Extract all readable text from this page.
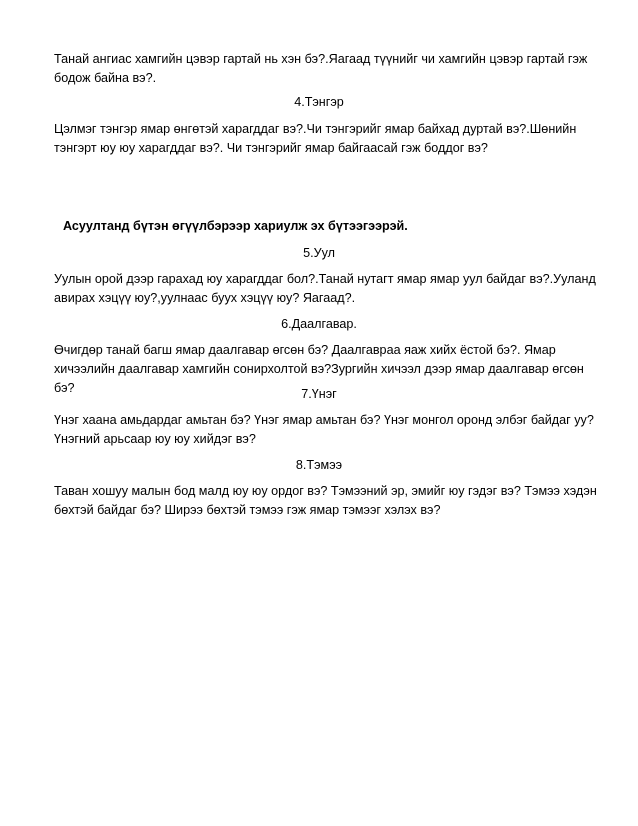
Танай ангиас хамгийн цэвэр гартай нь хэн бэ?.Яагаад түүнийг чи хамгийн цэвэр гартай гэж
бодож байна вэ?.

4.Тэнгэр

Цэлмэг тэнгэр ямар өнгөтэй харагддаг вэ?.Чи тэнгэрийг ямар байхад дуртай вэ?.Шөнийн
тэнгэрт юу юу харагддаг вэ?. Чи тэнгэрийг ямар байгаасай гэж боддог вэ?

Асуултанд бүтэн өгүүлбэрээр хариулж эх бүтээгээрэй.

5.Уул

Уулын орой дээр гарахад юу харагддаг бол?.Танай нутагт ямар ямар уул байдаг вэ?.Ууланд
авирах хэцүү юу?,уулнаас буух хэцүү юу? Яагаад?.

6.Даалгавар.

Өчигдөр танай багш ямар даалгавар өгсөн бэ? Даалгавраа яаж хийх ёстой бэ?. Ямар
хичээлийн даалгавар хамгийн сонирхолтой вэ?Зургийн хичээл дээр ямар даалгавар өгсөн бэ?	7.Үнэг

Үнэг хаана амьдардаг амьтан бэ? Үнэг ямар амьтан бэ? Үнэг монгол оронд элбэг байдаг уу?
Үнэгний арьсаар юу юу хийдэг вэ?

8.Тэмээ

Таван хошуу малын бод малд юу юу ордог вэ? Тэмээний эр, эмийг юу гэдэг вэ? Тэмээ хэдэн
бөхтэй байдаг бэ? Ширээ бөхтэй тэмээ гэж ямар тэмээг хэлэх вэ?
